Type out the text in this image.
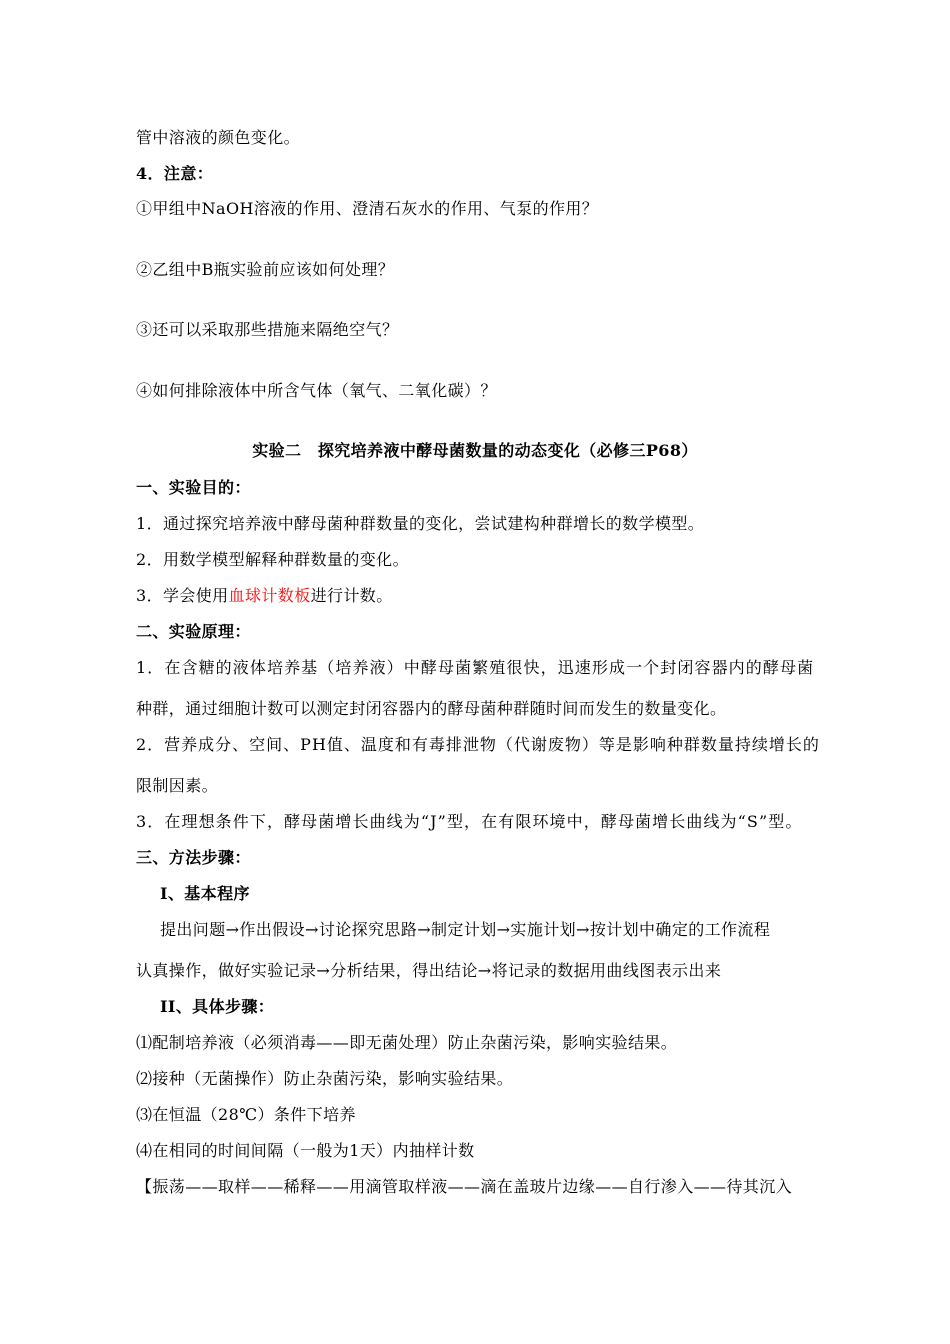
管中溶液的颜色变化。
4．注意：
①甲组中NaOH溶液的作用、澄清石灰水的作用、气泵的作用？
②乙组中B瓶实验前应该如何处理？
③还可以采取那些措施来隔绝空气？
④如何排除液体中所含气体（氧气、二氧化碳）？
实验二　探究培养液中酵母菌数量的动态变化（必修三P68）
一、实验目的：
1．通过探究培养液中酵母菌种群数量的变化，尝试建构种群增长的数学模型。
2．用数学模型解释种群数量的变化。
3．学会使用血球计数板进行计数。
二、实验原理：
1．在含糖的液体培养基（培养液）中酵母菌繁殖很快，迅速形成一个封闭容器内的酵母菌
种群，通过细胞计数可以测定封闭容器内的酵母菌种群随时间而发生的数量变化。
2．营养成分、空间、PH值、温度和有毒排泄物（代谢废物）等是影响种群数量持续增长的
限制因素。
3．在理想条件下，酵母菌增长曲线为“J”型，在有限环境中，酵母菌增长曲线为“S”型。
三、方法步骤：
I、基本程序
提出问题→作出假设→讨论探究思路→制定计划→实施计划→按计划中确定的工作流程
认真操作，做好实验记录→分析结果，得出结论→将记录的数据用曲线图表示出来
II、具体步骤：
⑴配制培养液（必须消毒——即无菌处理）防止杂菌污染，影响实验结果。
⑵接种（无菌操作）防止杂菌污染，影响实验结果。
⑶在恒温（28℃）条件下培养
⑷在相同的时间间隔（一般为1天）内抽样计数
【振荡——取样——稀释——用滴管取样液——滴在盖玻片边缘——自行渗入——待其沉入
